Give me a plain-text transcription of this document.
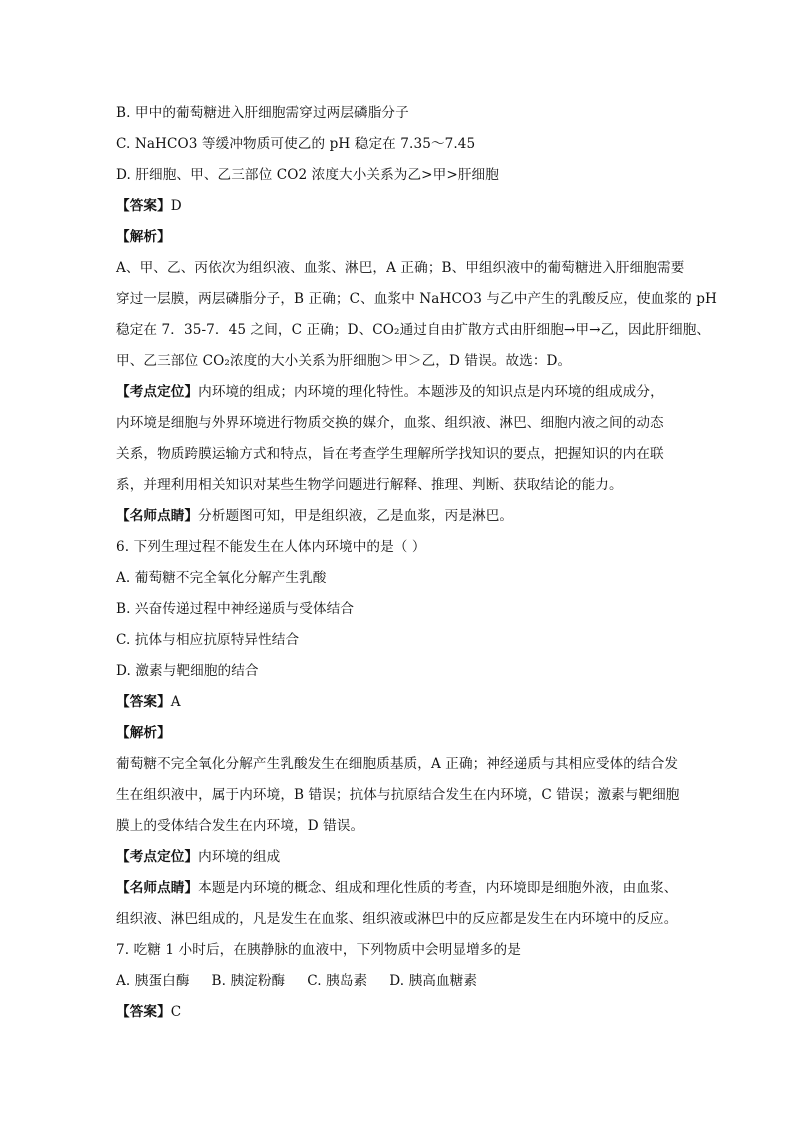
B. 甲中的葡萄糖进入肝细胞需穿过两层磷脂分子
C. NaHCO3 等缓冲物质可使乙的 pH 稳定在 7.35～7.45
D. 肝细胞、甲、乙三部位 CO2 浓度大小关系为乙>甲>肝细胞
【答案】D
【解析】
A、甲、乙、丙依次为组织液、血浆、淋巴，A 正确；B、甲组织液中的葡萄糖进入肝细胞需要
穿过一层膜，两层磷脂分子，B 正确；C、血浆中 NaHCO3 与乙中产生的乳酸反应，使血浆的 pH
稳定在 7．35-7．45 之间，C 正确；D、CO₂通过自由扩散方式由肝细胞→甲→乙，因此肝细胞、
甲、乙三部位 CO₂浓度的大小关系为肝细胞＞甲＞乙，D 错误。故选：D。
【考点定位】内环境的组成；内环境的理化特性。本题涉及的知识点是内环境的组成成分，
内环境是细胞与外界环境进行物质交换的媒介，血浆、组织液、淋巴、细胞内液之间的动态
关系，物质跨膜运输方式和特点，旨在考查学生理解所学找知识的要点，把握知识的内在联
系，并理利用相关知识对某些生物学问题进行解释、推理、判断、获取结论的能力。
【名师点睛】分析题图可知，甲是组织液，乙是血浆，丙是淋巴。
6. 下列生理过程不能发生在人体内环境中的是（ ）
A. 葡萄糖不完全氧化分解产生乳酸
B. 兴奋传递过程中神经递质与受体结合
C. 抗体与相应抗原特异性结合
D. 激素与靶细胞的结合
【答案】A
【解析】
葡萄糖不完全氧化分解产生乳酸发生在细胞质基质，A 正确；神经递质与其相应受体的结合发
生在组织液中，属于内环境，B 错误；抗体与抗原结合发生在内环境，C 错误；激素与靶细胞
膜上的受体结合发生在内环境，D 错误。
【考点定位】内环境的组成
【名师点睛】本题是内环境的概念、组成和理化性质的考查，内环境即是细胞外液，由血浆、
组织液、淋巴组成的，凡是发生在血浆、组织液或淋巴中的反应都是发生在内环境中的反应。
7. 吃糖 1 小时后，在胰静脉的血液中，下列物质中会明显增多的是
A. 胰蛋白酶 B. 胰淀粉酶 C. 胰岛素 D. 胰高血糖素
【答案】C
